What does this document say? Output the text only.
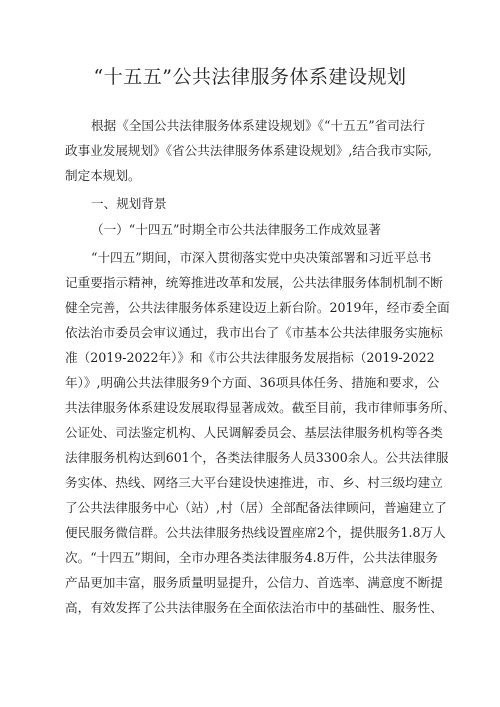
“十五五”公共法律服务体系建设规划
根据《全国公共法律服务体系建设规划》《“十五五”省司法行
政事业发展规划》《省公共法律服务体系建设规划》,结合我市实际,
制定本规划。
一、规划背景
（一）“十四五”时期全市公共法律服务工作成效显著
“十四五”期间，市深入贯彻落实党中央决策部署和习近平总书
记重要指示精神，统筹推进改革和发展，公共法律服务体制机制不断
健全完善，公共法律服务体系建设迈上新台阶。2019年，经市委全面
依法治市委员会审议通过，我市出台了《市基本公共法律服务实施标
准（2019-2022年）》和《市公共法律服务发展指标（2019-2022
年）》,明确公共法律服务9个方面、36项具体任务、措施和要求，公
共法律服务体系建设发展取得显著成效。截至目前，我市律师事务所、
公证处、司法鉴定机构、人民调解委员会、基层法律服务机构等各类
法律服务机构达到601个，各类法律服务人员3300余人。公共法律服
务实体、热线、网络三大平台建设快速推进，市、乡、村三级均建立
了公共法律服务中心（站）,村（居）全部配备法律顾问，普遍建立了
便民服务微信群。公共法律服务热线设置座席2个，提供服务1.8万人
次。“十四五”期间，全市办理各类法律服务4.8万件，公共法律服务
产品更加丰富，服务质量明显提升，公信力、首选率、满意度不断提
高，有效发挥了公共法律服务在全面依法治市中的基础性、服务性、
